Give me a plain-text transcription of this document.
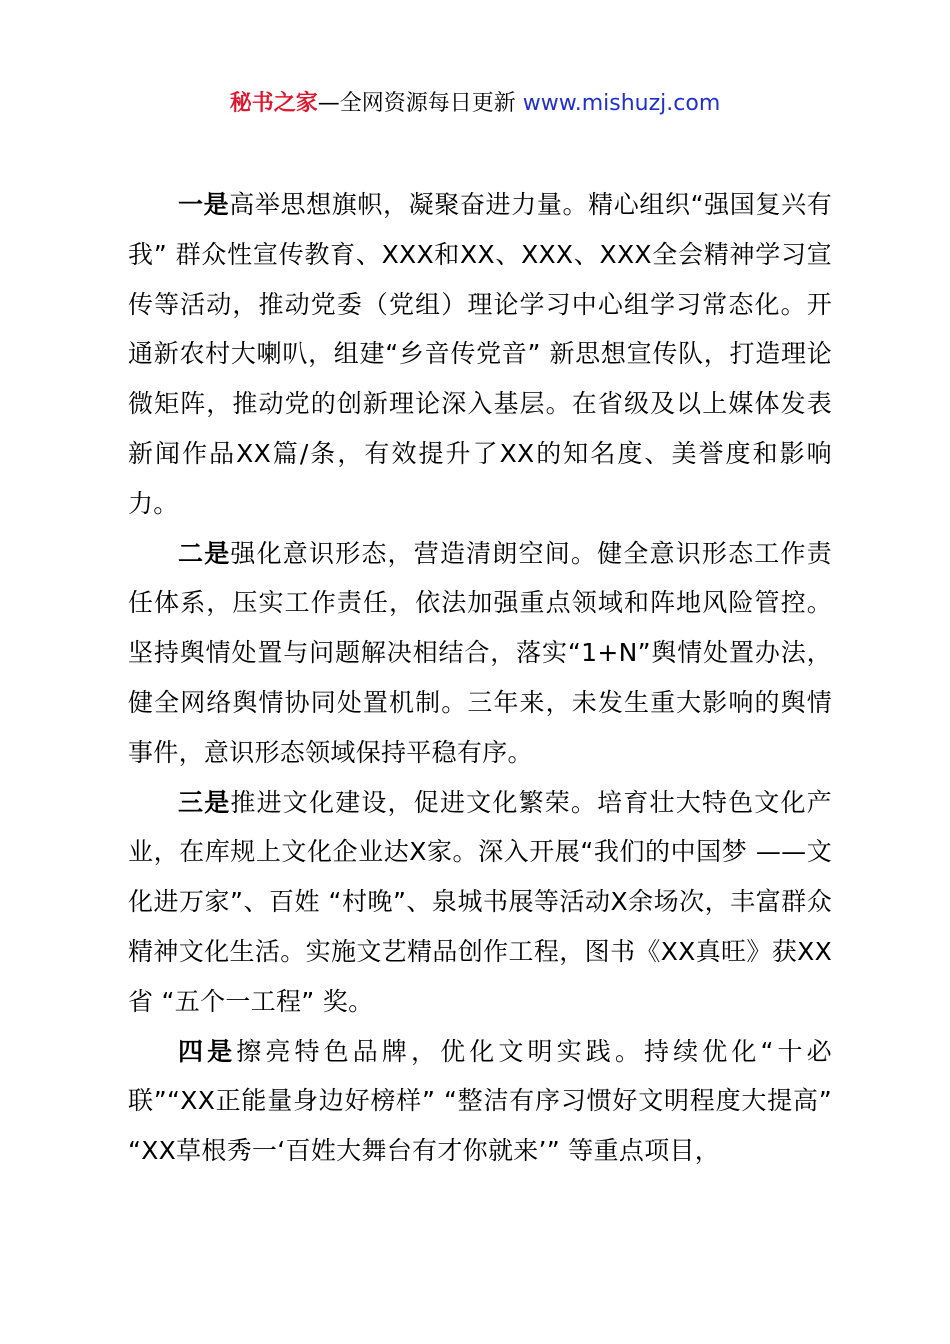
秘书之家—全网资源每日更新 www.mishuzj.com

一是高举思想旗帜，凝聚奋进力量。精心组织“强国复兴有我” 群众性宣传教育、XXX和XX、XXX、XXX全会精神学习宣传等活动，推动党委（党组）理论学习中心组学习常态化。开通新农村大喇叭，组建“乡音传党音” 新思想宣传队，打造理论微矩阵，推动党的创新理论深入基层。在省级及以上媒体发表新闻作品XX篇/条，有效提升了XX的知名度、美誉度和影响力。

二是强化意识形态，营造清朗空间。健全意识形态工作责任体系，压实工作责任，依法加强重点领域和阵地风险管控。坚持舆情处置与问题解决相结合，落实“1+N”舆情处置办法，健全网络舆情协同处置机制。三年来，未发生重大影响的舆情事件，意识形态领域保持平稳有序。

三是推进文化建设，促进文化繁荣。培育壮大特色文化产业，在库规上文化企业达X家。深入开展“我们的中国梦 ——文化进万家”、百姓 “村晚”、泉城书展等活动X余场次，丰富群众精神文化生活。实施文艺精品创作工程，图书《XX真旺》获XX省 “五个一工程” 奖。

四是擦亮特色品牌，优化文明实践。持续优化“十必联”“XX正能量身边好榜样” “整洁有序习惯好文明程度大提高” “XX草根秀一‘百姓大舞台有才你就来’” 等重点项目，
